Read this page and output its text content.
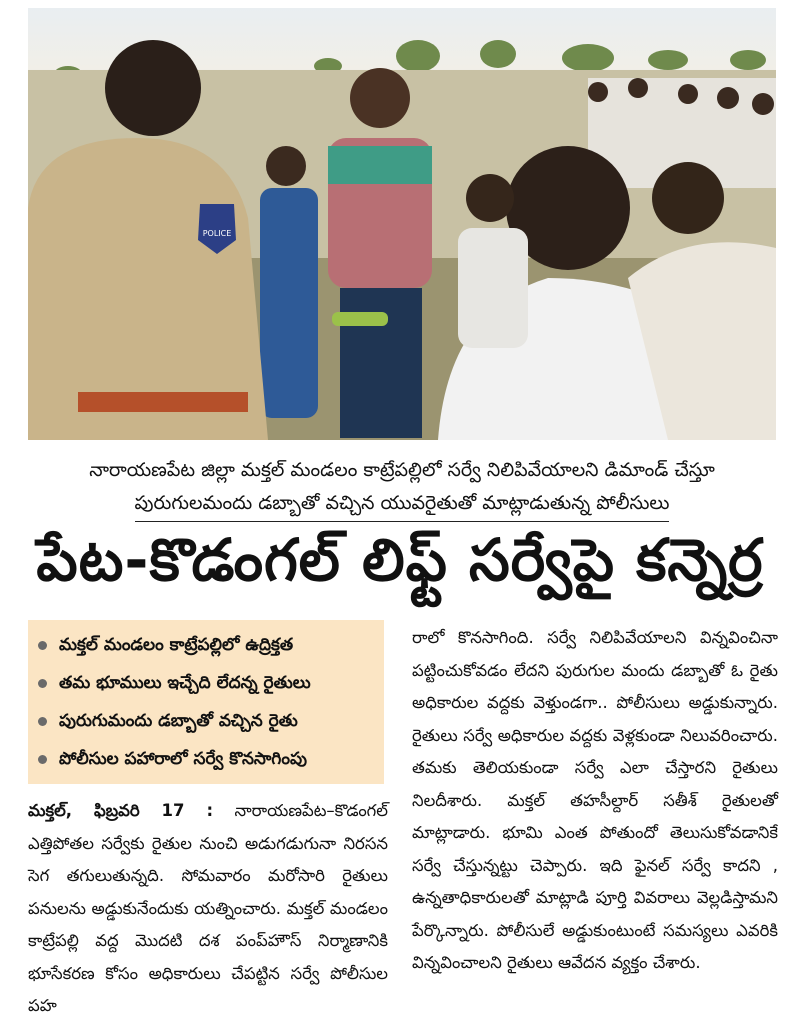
POLICE
నారాయణపేట జిల్లా మక్తల్ మండలం కాట్రేపల్లిలో సర్వే నిలిపివేయాలని డిమాండ్ చేస్తూ
పురుగులమందు డబ్బాతో వచ్చిన యువరైతుతో మాట్లాడుతున్న పోలీసులు
పేట-కొడంగల్ లిఫ్ట్ సర్వేపై కన్నెర్ర
మక్తల్ మండలం కాట్రేపల్లిలో ఉద్రిక్తత
తమ భూములు ఇచ్చేది లేదన్న రైతులు
పురుగుమందు డబ్బాతో వచ్చిన రైతు
పోలీసుల పహారాలో సర్వే కొనసాగింపు

మక్తల్, ఫిబ్రవరి 17 : నారాయణపేట–కొడంగల్ ఎత్తిపోతల సర్వేకు రైతుల నుంచి అడుగడుగునా నిరసన సెగ తగులుతున్నది. సోమవారం మరోసారి రైతులు పనులను అడ్డుకునేందుకు యత్నించారు. మక్తల్ మండలం కాట్రేపల్లి వద్ద మొదటి దశ పంప్‌హౌస్ నిర్మాణానికి భూసేకరణ కోసం అధికారులు చేపట్టిన సర్వే పోలీసుల పహ

రాలో కొనసాగింది. సర్వే నిలిపివేయాలని విన్నవించినా పట్టించుకోవడం లేదని పురుగుల మందు డబ్బాతో ఓ రైతు అధికారుల వద్దకు వెళ్తుండగా.. పోలీసులు అడ్డుకున్నారు. రైతులు సర్వే అధికారుల వద్దకు వెళ్లకుండా నిలువరించారు. తమకు తెలియకుండా సర్వే ఎలా చేస్తారని రైతులు నిలదీశారు. మక్తల్ తహసీల్దార్ సతీశ్ రైతులతో మాట్లాడారు. భూమి ఎంత పోతుందో తెలుసుకోవడానికే సర్వే చేస్తున్నట్టు చెప్పారు. ఇది ఫైనల్ సర్వే కాదని , ఉన్నతాధికారులతో మాట్లాడి పూర్తి వివరాలు వెల్లడిస్తామని పేర్కొన్నారు. పోలీసులే అడ్డుకుంటుంటే సమస్యలు ఎవరికి విన్నవించాలని రైతులు ఆవేదన వ్యక్తం చేశారు.
